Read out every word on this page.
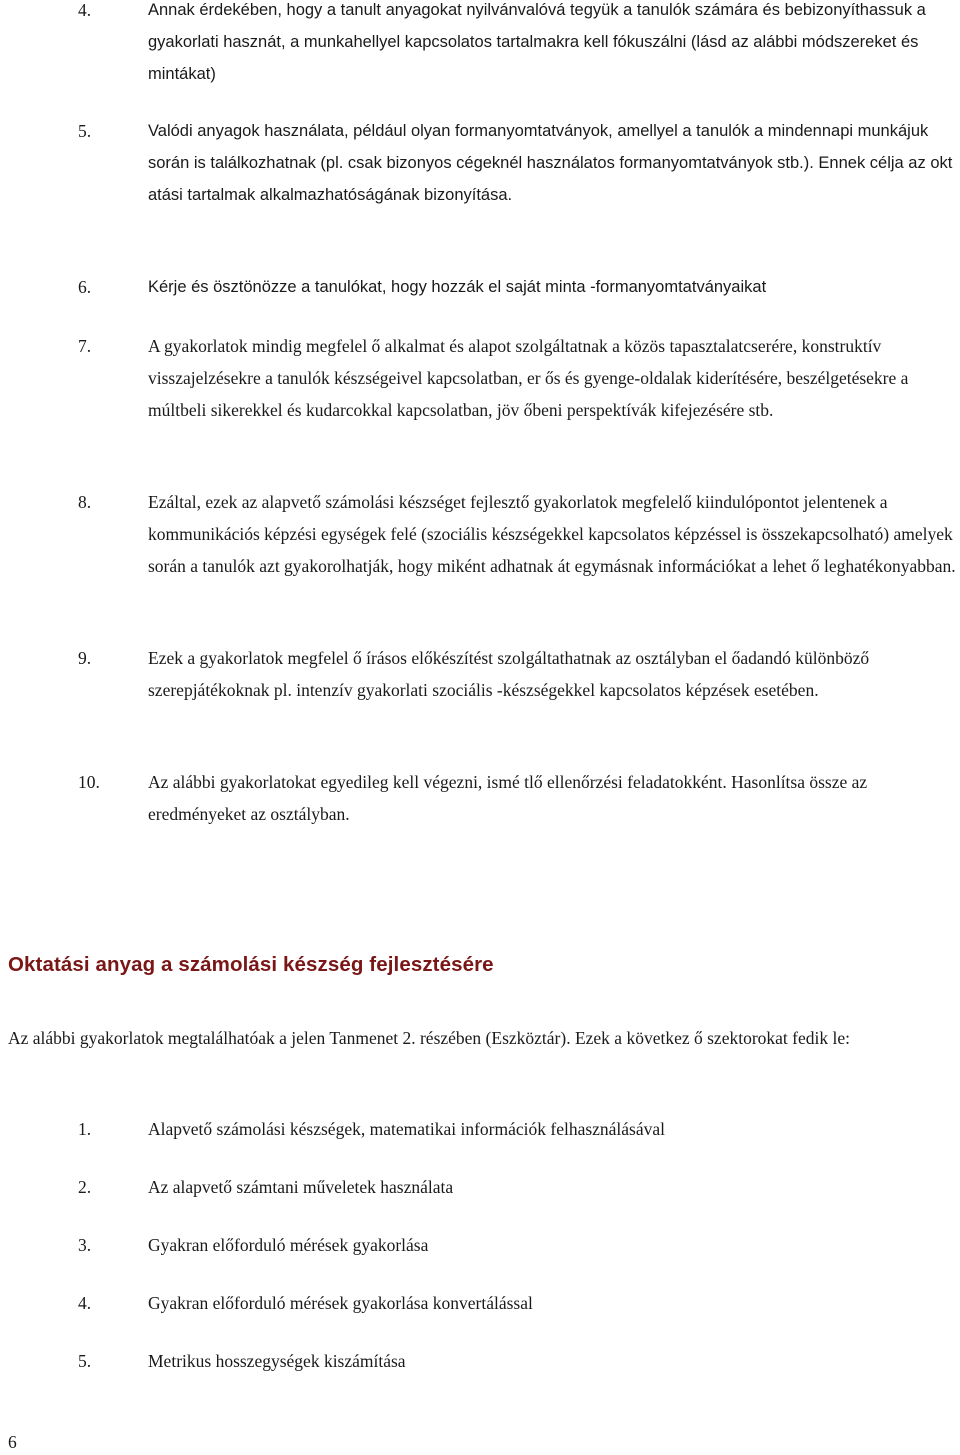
4.	Annak érdekében, hogy a tanult anyagokat nyilvánvalóvá tegyük a tanulók számára és bebizonyíthassuk a gyakorlati hasznát, a munkahellyel kapcsolatos tartalmakra kell fókuszálni (lásd az alábbi módszereket és mintákat)
5.	Valódi anyagok használata, például olyan formanyomtatványok, amellyel a tanulók a mindennapi munkájuk során is találkozhatnak (pl. csak bizonyos cégeknél használatos formanyomtatványok stb.). Ennek célja az okt atási tartalmak alkalmazhatóságának bizonyítása.
6.	Kérje és ösztönözze a tanulókat, hogy hozzák el saját minta -formanyomtatványaikat
7.	A gyakorlatok mindig megfelel ő alkalmat és alapot szolgáltatnak a közös tapasztalatcserére, konstruktív visszajelzésekre a tanulók készségeivel kapcsolatban, er ős és gyenge-oldalak kiderítésére, beszélgetésekre a múltbeli sikerekkel és kudarcokkal kapcsolatban, jöv őbeni perspektívák kifejezésére stb.
8.	Ezáltal, ezek az alapvető számolási készséget fejlesztő gyakorlatok megfelelő kiindulópontot jelentenek a kommunikációs képzési egységek felé (szociális készségekkel kapcsolatos képzéssel is összekapcsolható) amelyek során a tanulók azt gyakorolhatják, hogy miként adhatnak át egymásnak információkat a lehet ő leghatékonyabban.
9.	Ezek a gyakorlatok megfelel ő írásos előkészítést szolgáltathatnak az osztályban el őadandó különböző szerepjátékoknak pl. intenzív gyakorlati szociális -készségekkel kapcsolatos képzések esetében.
10.	Az alábbi gyakorlatokat egyedileg kell végezni, ismé tlő ellenőrzési feladatokként. Hasonlítsa össze az eredményeket az osztályban.
Oktatási anyag a számolási készség fejlesztésére
Az alábbi gyakorlatok megtalálhatóak a jelen Tanmenet 2. részében (Eszköztár). Ezek a következ ő szektorokat fedik le:
1.	Alapvető számolási készségek, matematikai információk felhasználásával
2.	Az alapvető számtani műveletek használata
3.	Gyakran előforduló mérések gyakorlása
4.	Gyakran előforduló mérések gyakorlása konvertálással
5.	Metrikus hosszegységek kiszámítása
6
